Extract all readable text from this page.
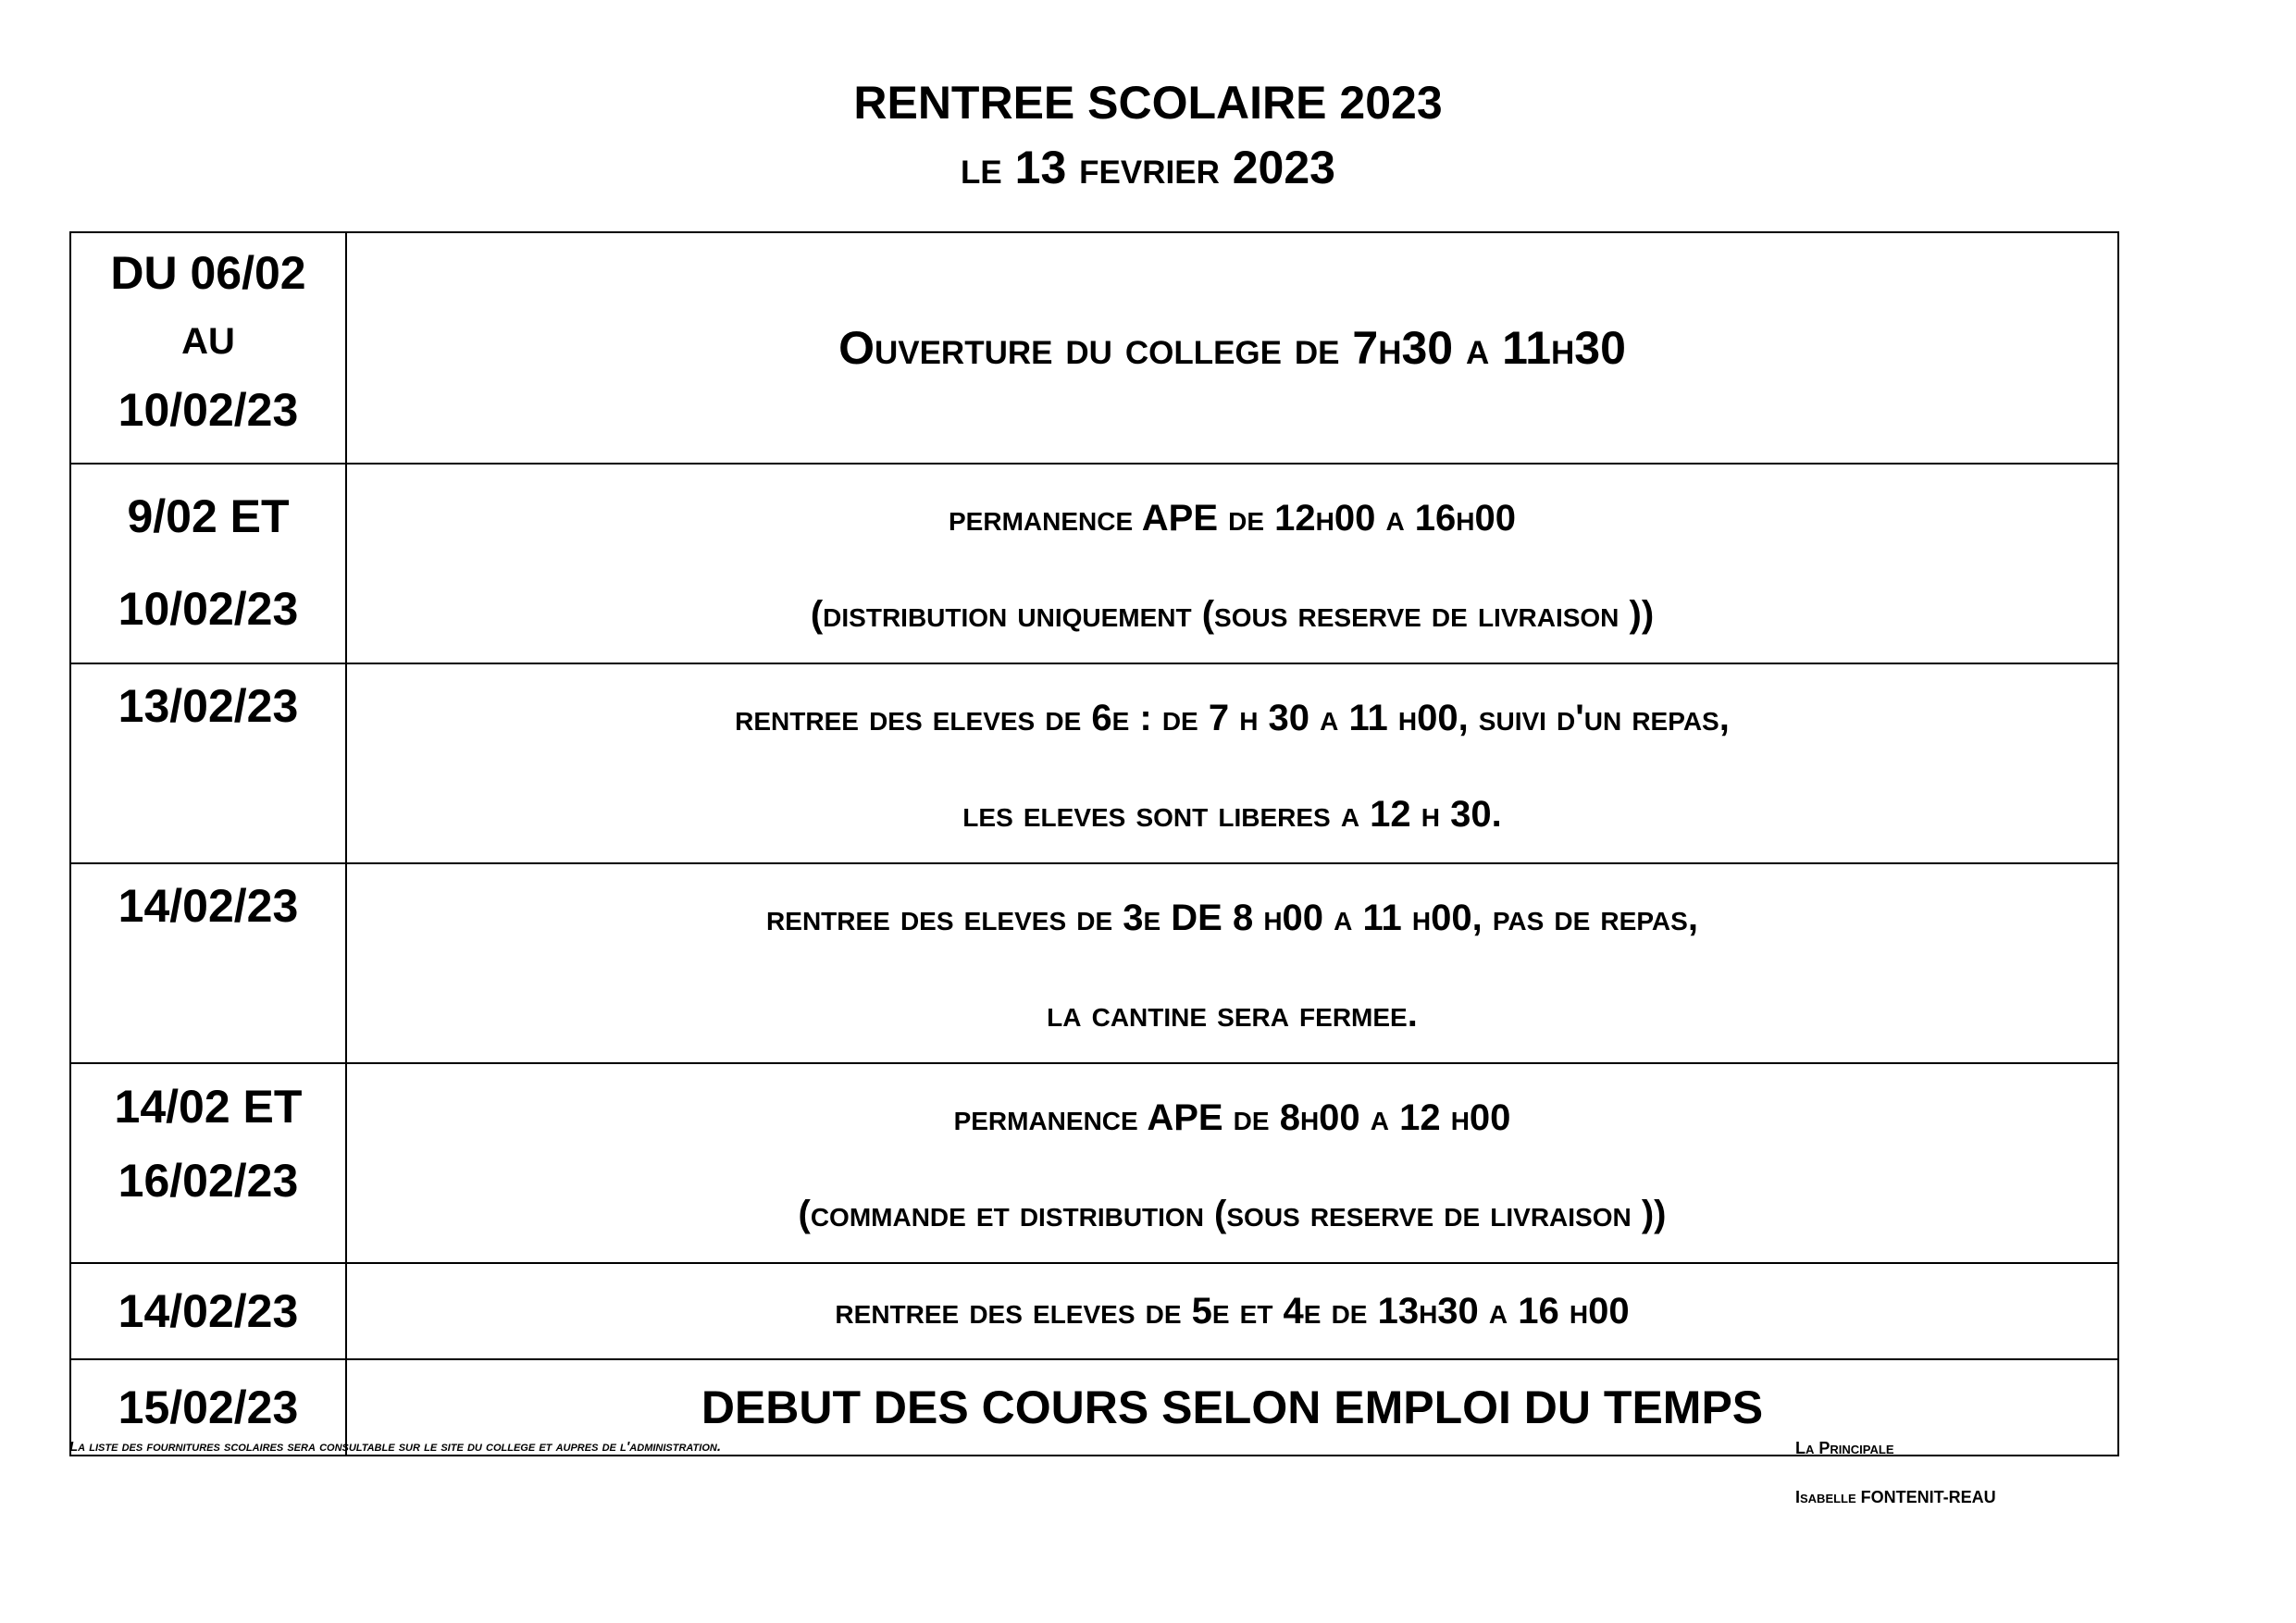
RENTREE SCOLAIRE 2023
le 13 fevrier 2023
DU 06/02
AU
10/02/23	Ouverture du college de 7h30 a 11h30

9/02 ET
10/02/23	permanence APE de 12h00 a 16h00
(distribution uniquement (sous reserve de livraison ))

13/02/23	rentree des eleves de 6e : de 7 h 30 a 11 h00, suivi d'un repas,
les eleves sont liberes a 12 h 30.

14/02/23	rentree des eleves de 3e DE 8 h00 a 11 h00, pas de repas,
la cantine sera fermee.

14/02 ET
16/02/23	permanence APE de 8h00 a 12 h00
(commande et distribution (sous reserve de livraison ))

14/02/23	rentree des eleves de 5e et 4e de 13h30 a 16 h00

15/02/23	DEBUT DES COURS SELON EMPLOI DU TEMPS
La liste des fournitures scolaires sera consultable sur le site du college et aupres de l'administration.	La Principale
Isabelle FONTENIT-REAU
